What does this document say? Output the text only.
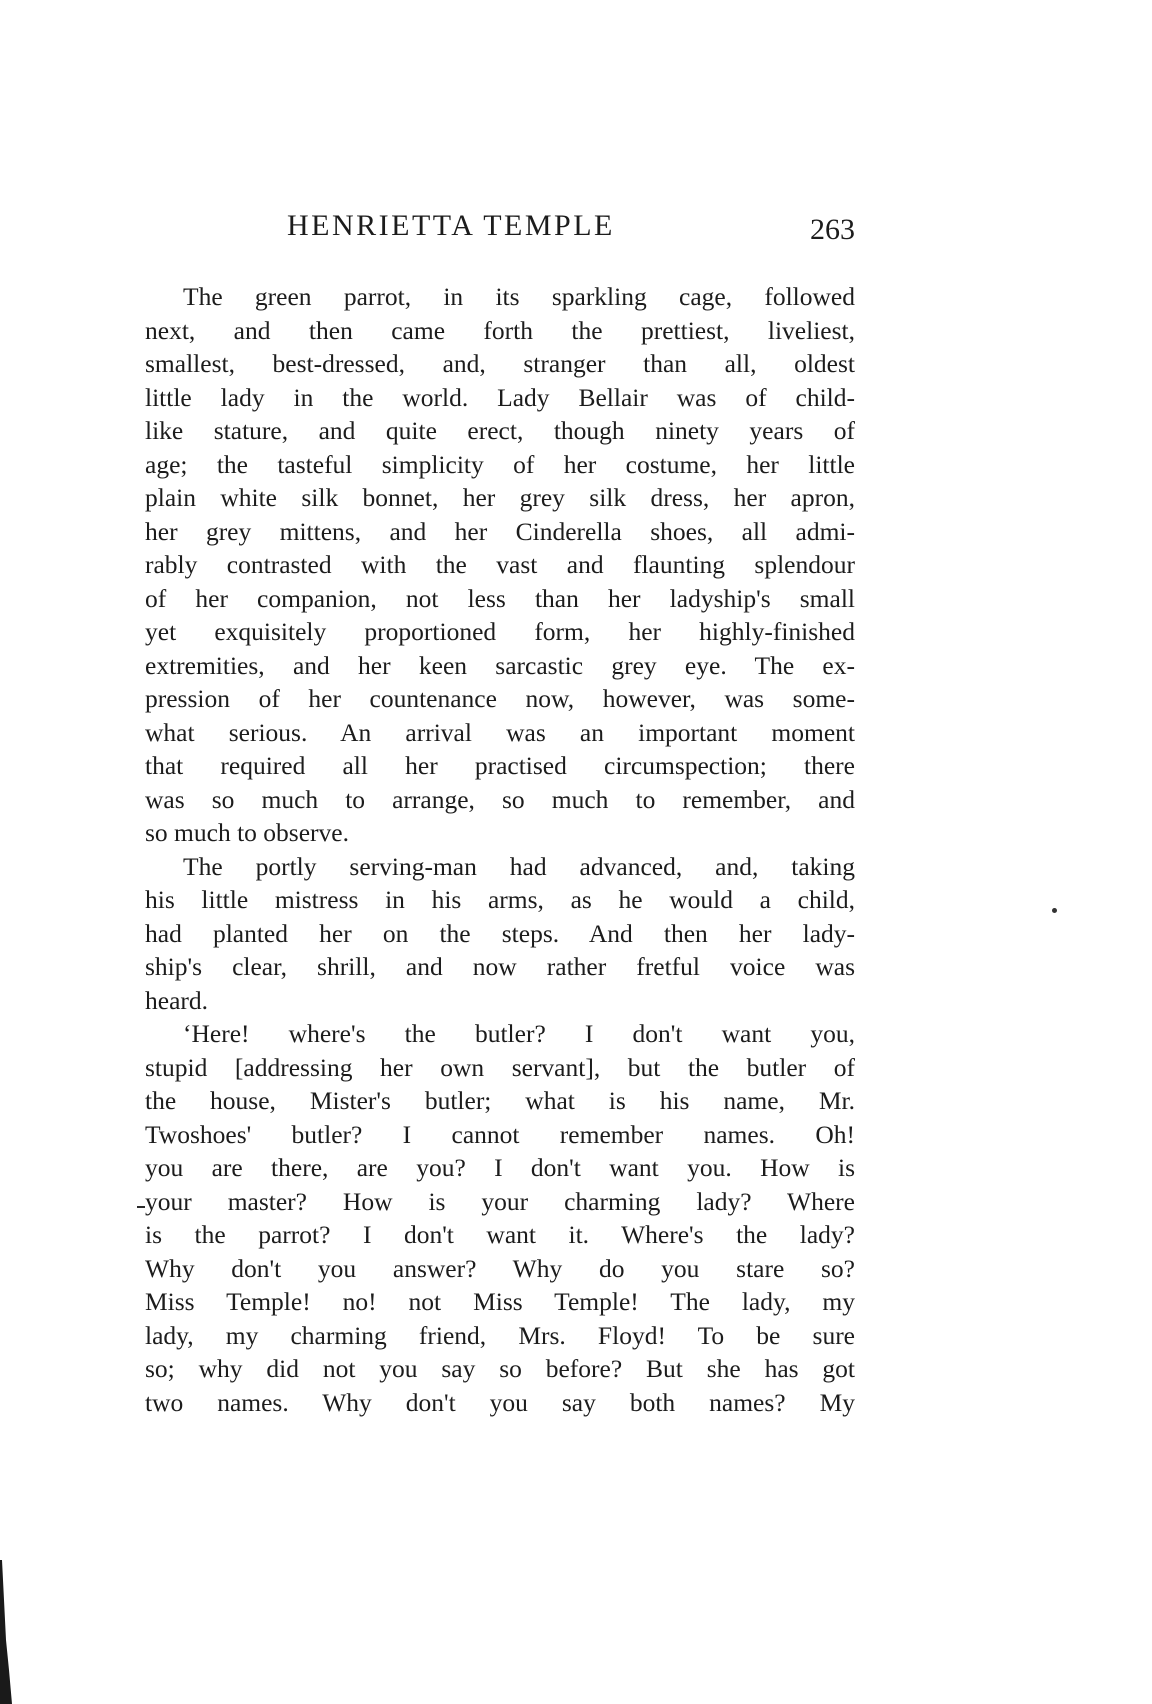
HENRIETTA TEMPLE	263
The green parrot, in its sparkling cage, followed
next, and then came forth the prettiest, liveliest,
smallest, best-dressed, and, stranger than all, oldest
little lady in the world. Lady Bellair was of child-
like stature, and quite erect, though ninety years of
age; the tasteful simplicity of her costume, her little
plain white silk bonnet, her grey silk dress, her apron,
her grey mittens, and her Cinderella shoes, all admi-
rably contrasted with the vast and flaunting splendour
of her companion, not less than her ladyship's small
yet exquisitely proportioned form, her highly-finished
extremities, and her keen sarcastic grey eye. The ex-
pression of her countenance now, however, was some-
what serious. An arrival was an important moment
that required all her practised circumspection; there
was so much to arrange, so much to remember, and
so much to observe.
The portly serving-man had advanced, and, taking
his little mistress in his arms, as he would a child,
had planted her on the steps. And then her lady-
ship's clear, shrill, and now rather fretful voice was
heard.
‘Here! where's the butler? I don't want you,
stupid [addressing her own servant], but the butler of
the house, Mister's butler; what is his name, Mr.
Twoshoes' butler? I cannot remember names. Oh!
you are there, are you? I don't want you. How is
your master? How is your charming lady? Where
is the parrot? I don't want it. Where's the lady?
Why don't you answer? Why do you stare so?
Miss Temple! no! not Miss Temple! The lady, my
lady, my charming friend, Mrs. Floyd! To be sure
so; why did not you say so before? But she has got
two names. Why don't you say both names? My
